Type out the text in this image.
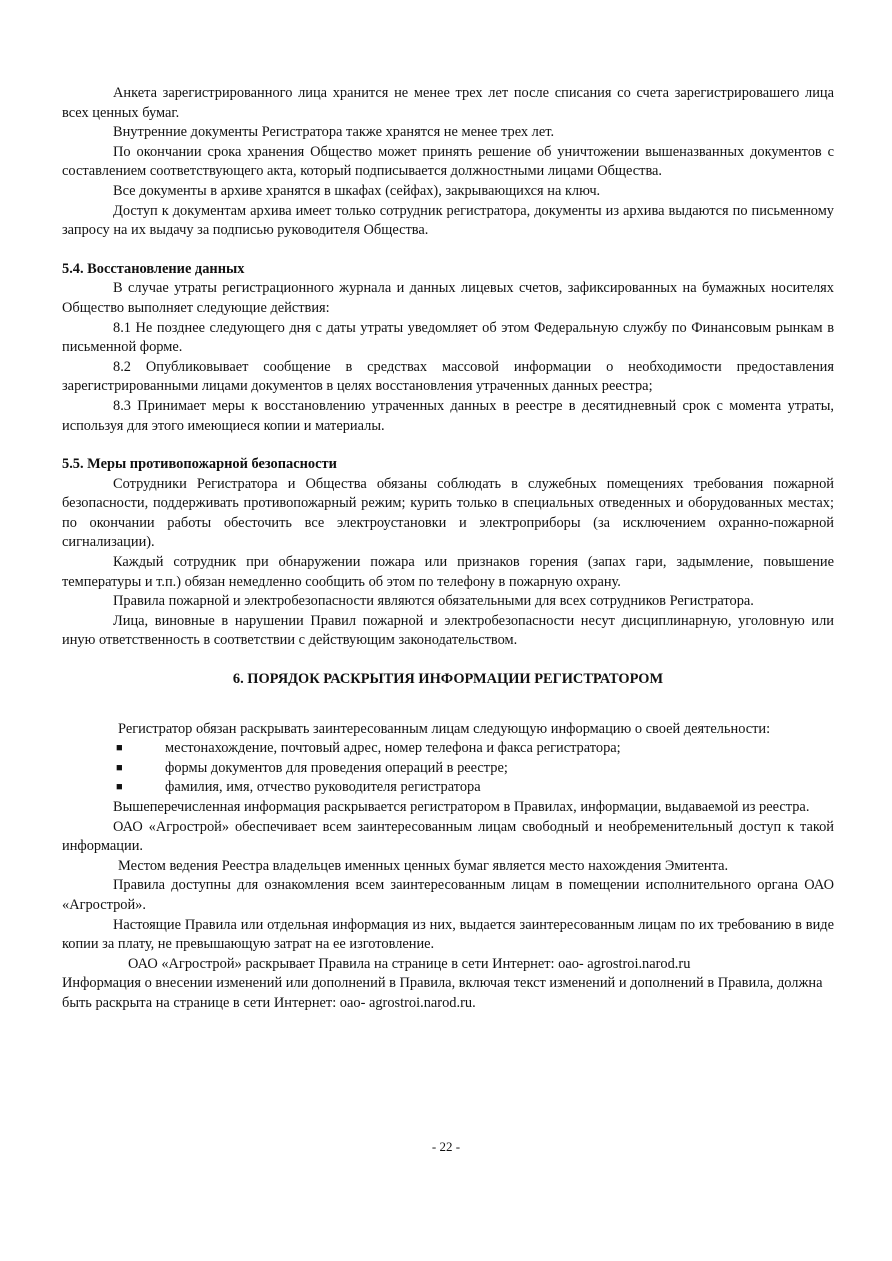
Анкета зарегистрированного лица хранится не менее трех лет после списания со счета зарегистрировашего лица всех ценных бумаг.

Внутренние документы Регистратора также хранятся не менее трех лет.

По окончании срока хранения Общество может принять решение об уничтожении вышеназванных документов с составлением соответствующего акта, который подписывается должностными лицами Общества.

Все документы в архиве хранятся в шкафах (сейфах), закрывающихся на ключ.

Доступ к документам архива имеет только сотрудник регистратора, документы из архива выдаются по письменному запросу на их выдачу за подписью руководителя Общества.

5.4. Восстановление данных

В случае утраты регистрационного журнала и данных лицевых счетов, зафиксированных на бумажных носителях Общество выполняет следующие действия:

8.1 Не позднее следующего дня с даты утраты уведомляет об этом Федеральную службу по Финансовым рынкам в письменной форме.

8.2 Опубликовывает сообщение в средствах массовой информации о необходимости предоставления зарегистрированными лицами документов в целях восстановления утраченных данных реестра;

8.3 Принимает меры к восстановлению утраченных данных в реестре в десятидневный срок с момента утраты, используя для этого имеющиеся копии и материалы.

5.5. Меры противопожарной безопасности

Сотрудники Регистратора и Общества обязаны соблюдать в служебных помещениях требования пожарной безопасности, поддерживать противопожарный режим; курить только в специальных отведенных и оборудованных местах; по окончании работы обесточить все электроустановки и электроприборы (за исключением охранно-пожарной сигнализации).

Каждый сотрудник при обнаружении пожара или признаков горения (запах гари, задымление, повышение температуры и т.п.) обязан немедленно сообщить об этом по телефону в пожарную охрану.

Правила пожарной и электробезопасности являются обязательными для всех сотрудников Регистратора.

Лица, виновные в нарушении Правил пожарной и электробезопасности несут дисциплинарную, уголовную или иную ответственность в соответствии с действующим законодательством.

6. ПОРЯДОК РАСКРЫТИЯ ИНФОРМАЦИИ РЕГИСТРАТОРОМ

Регистратор обязан раскрывать заинтересованным лицам следующую информацию о своей деятельности:

■	местонахождение, почтовый адрес, номер телефона и факса регистратора;
■	формы документов для проведения операций в реестре;
■	фамилия, имя, отчество руководителя регистратора

Вышеперечисленная информация раскрывается регистратором в Правилах, информации, выдаваемой из реестра.

ОАО «Агрострой» обеспечивает всем заинтересованным лицам свободный и необременительный доступ к такой информации.

Местом ведения Реестра владельцев именных ценных бумаг является место нахождения Эмитента.

Правила доступны для ознакомления всем заинтересованным лицам в помещении исполнительного органа ОАО «Агрострой».

Настоящие Правила или отдельная информация из них, выдается заинтересованным лицам по их требованию в виде копии за плату, не превышающую затрат на ее изготовление.

ОАО «Агрострой» раскрывает Правила на странице в сети Интернет: oao- agrostroi.narod.ru

Информация о внесении изменений или дополнений в Правила, включая текст изменений и дополнений в Правила, должна быть раскрыта на странице в сети Интернет: oao- agrostroi.narod.ru.

- 22 -
